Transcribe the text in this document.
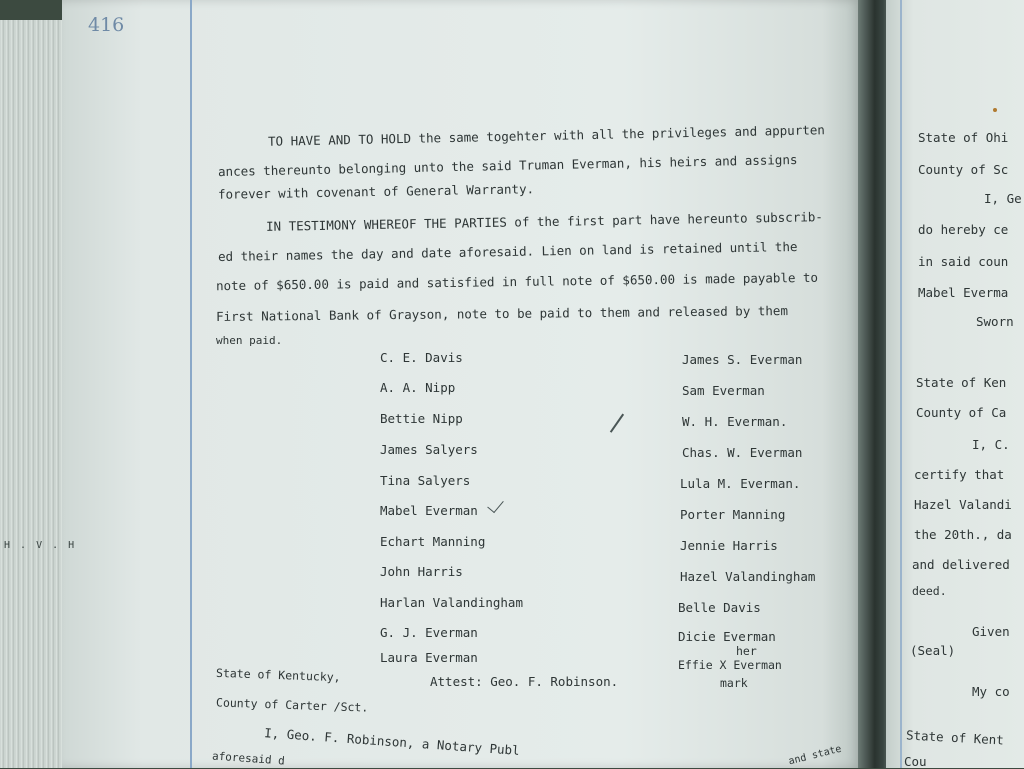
H . V . H
416
TO HAVE AND TO HOLD the same togehter with all the privileges and appurten
ances thereunto belonging unto the said Truman Everman, his heirs and assigns
forever with covenant of General Warranty.
IN TESTIMONY WHEREOF THE PARTIES of the first part have hereunto subscrib-
ed their names the day and date aforesaid. Lien on land is retained until the
note of $650.00 is paid and satisfied in full note of $650.00 is made payable to
First National Bank of Grayson, note to be paid to them and released by them
when paid.
C. E. Davis
A. A. Nipp
Bettie Nipp
James Salyers
Tina Salyers
Mabel Everman
Echart Manning
John Harris
Harlan Valandingham
G. J. Everman
Laura Everman
James S. Everman
Sam Everman
W. H. Everman.
Chas. W. Everman
Lula M. Everman.
Porter Manning
Jennie Harris
Hazel Valandingham
Belle Davis
Dicie Everman
her
Effie X Everman
mark
Attest: Geo. F. Robinson.
State of Kentucky,
County of Carter /Sct.
I, Geo. F. Robinson, a Notary Publ
aforesaid d	and state
State of Ohi
County of Sc
I, Ge
do hereby ce
in said coun
Mabel Everma
Sworn
State of Ken
County of Ca
I, C.
certify that
Hazel Valandi
the 20th., da
and delivered
deed.
Given
(Seal)
My co
State of Kent
Cou
